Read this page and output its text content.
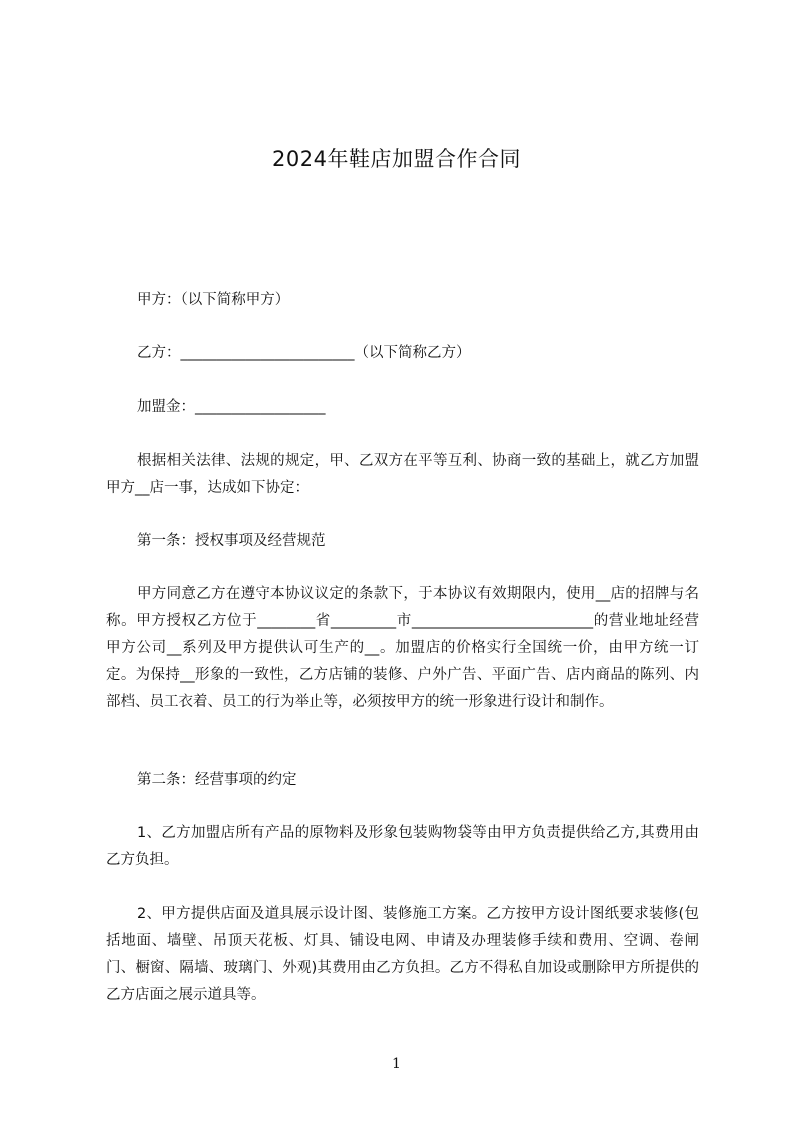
2024年鞋店加盟合作合同
甲方：（以下简称甲方）
乙方：________________________（以下简称乙方）
加盟金：__________________
根据相关法律、法规的规定，甲、乙双方在平等互利、协商一致的基础上，就乙方加盟甲方__店一事，达成如下协定：
第一条：授权事项及经营规范
甲方同意乙方在遵守本协议议定的条款下，于本协议有效期限内，使用__店的招牌与名称。甲方授权乙方位于________省_________市_________________________的营业地址经营甲方公司__系列及甲方提供认可生产的__。加盟店的价格实行全国统一价，由甲方统一订定。为保持__形象的一致性，乙方店铺的装修、户外广告、平面广告、店内商品的陈列、内部档、员工衣着、员工的行为举止等，必须按甲方的统一形象进行设计和制作。
第二条：经营事项的约定
1、乙方加盟店所有产品的原物料及形象包装购物袋等由甲方负责提供给乙方,其费用由乙方负担。
2、甲方提供店面及道具展示设计图、装修施工方案。乙方按甲方设计图纸要求装修(包括地面、墙壁、吊顶天花板、灯具、铺设电网、申请及办理装修手续和费用、空调、卷闸门、橱窗、隔墙、玻璃门、外观)其费用由乙方负担。乙方不得私自加设或删除甲方所提供的乙方店面之展示道具等。
1
